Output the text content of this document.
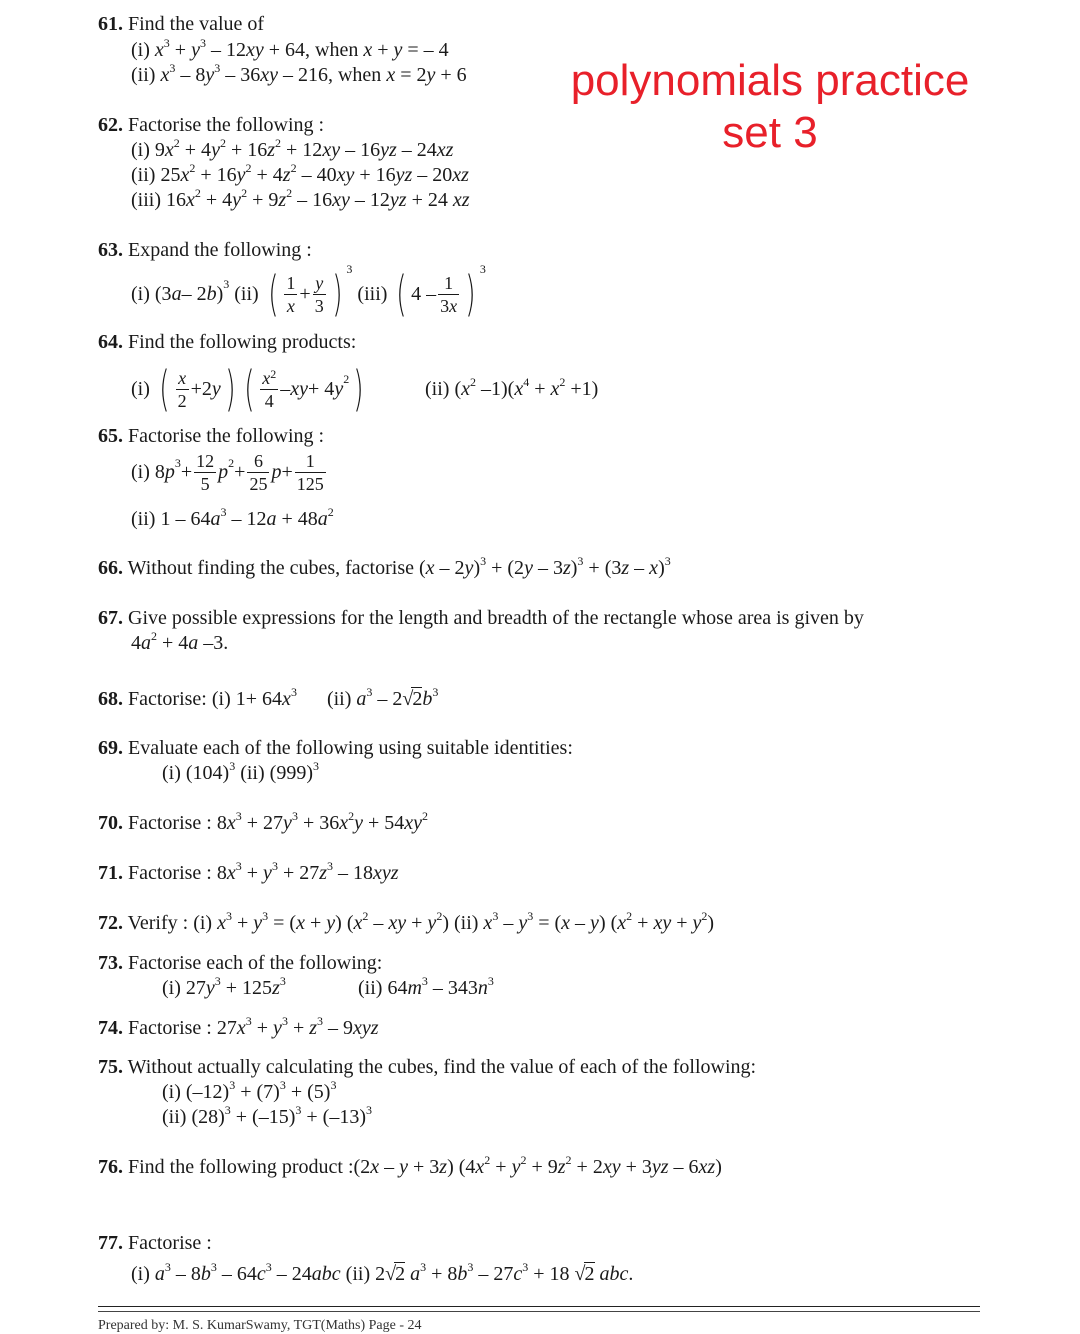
polynomials practice
set 3
61. Find the value of
(i) $x^3 + y^3 - 12xy + 64$, when x + y = – 4
(ii) $x^3 - 8y^3 - 36xy - 216$, when x = 2y + 6
62. Factorise the following :
(i) $9x^2 + 4y^2 + 16z^2 + 12xy - 16yz - 24xz$
(ii) $25x^2 + 16y^2 + 4z^2 - 40xy + 16yz - 20xz$
(iii) $16x^2 + 4y^2 + 9z^2 - 16xy - 12yz + 24$ xz
63. Expand the following :
(i) (3 a – 2 b )$^3$
(ii)
( $\frac{1}{x} + \frac{y}{3}$ ) 3

(iii)
( $4 - \frac{1}{3x}$ ) 3
64. Find the following products:
(i)
( $\frac{x}{2} +2$ y ) ( $\frac{x^2}{4}$ – xy + 4 $y^2$ )	(ii) ($x^2$ $-1)(x^4 + x^2 +1)$
65. Factorise the following :
(i) 8 $p^3 + \frac{12}{5} p^2 + \frac{6}{25}$ $p + \frac{1}{125}$
(ii) $1 - 64a^3 - 12a + 48a^2$
66. Without finding the cubes, factorise (x – 2y)$^3$ + (2y – 3z)$^3$ + (3z – x)$^3$
67. Give possible expressions for the length and breadth of the rectangle whose area is given by
$4a^2 + 4a$ –3.
68. Factorise: (i) $1+ 64x^3$ (ii) $a^3 - 2√2b^3$
69. Evaluate each of the following using suitable identities:
(i) $(104)^3$ (ii) $(999)^3$
70. Factorise : $8x^3 + 27y^3 + 36x^2y + 54xy^2$
71. Factorise : $8x^3 + y^3 + 27z^3 - 18xyz$
72. Verify : (i) $x^3 + y^3 = (x + y)$ ($x^2$ – xy + $y^2$) (ii) $x^3 - y^3 = (x - y) (x^2$ + xy + $y^2$)
73. Factorise each of the following:
(i) $27y^3 + 125z^3$	(ii) $64m^3 - 343n^3$
74. Factorise : $27x^3 + y^3 + z^3 - 9xyz$
75. Without actually calculating the cubes, find the value of each of the following:
(i) $(-12)^3 + (7)^3 + (5)^3$
(ii) $(28)^3 + (-15)^3 + (-13)^3$
76. Find the following product :(2x – y + 3z) $(4x^2 + y^2 + 9z^2 + 2xy + 3yz - 6xz)$
77. Factorise :
(i) $a^3 - 8b^3 - 64c^3 - 24abc$ (ii) 2√2 $a^3 + 8b^3 - 27c^3 + 18$ √2 abc.
Prepared by: M. S. KumarSwamy, TGT(Maths) Page - 24
